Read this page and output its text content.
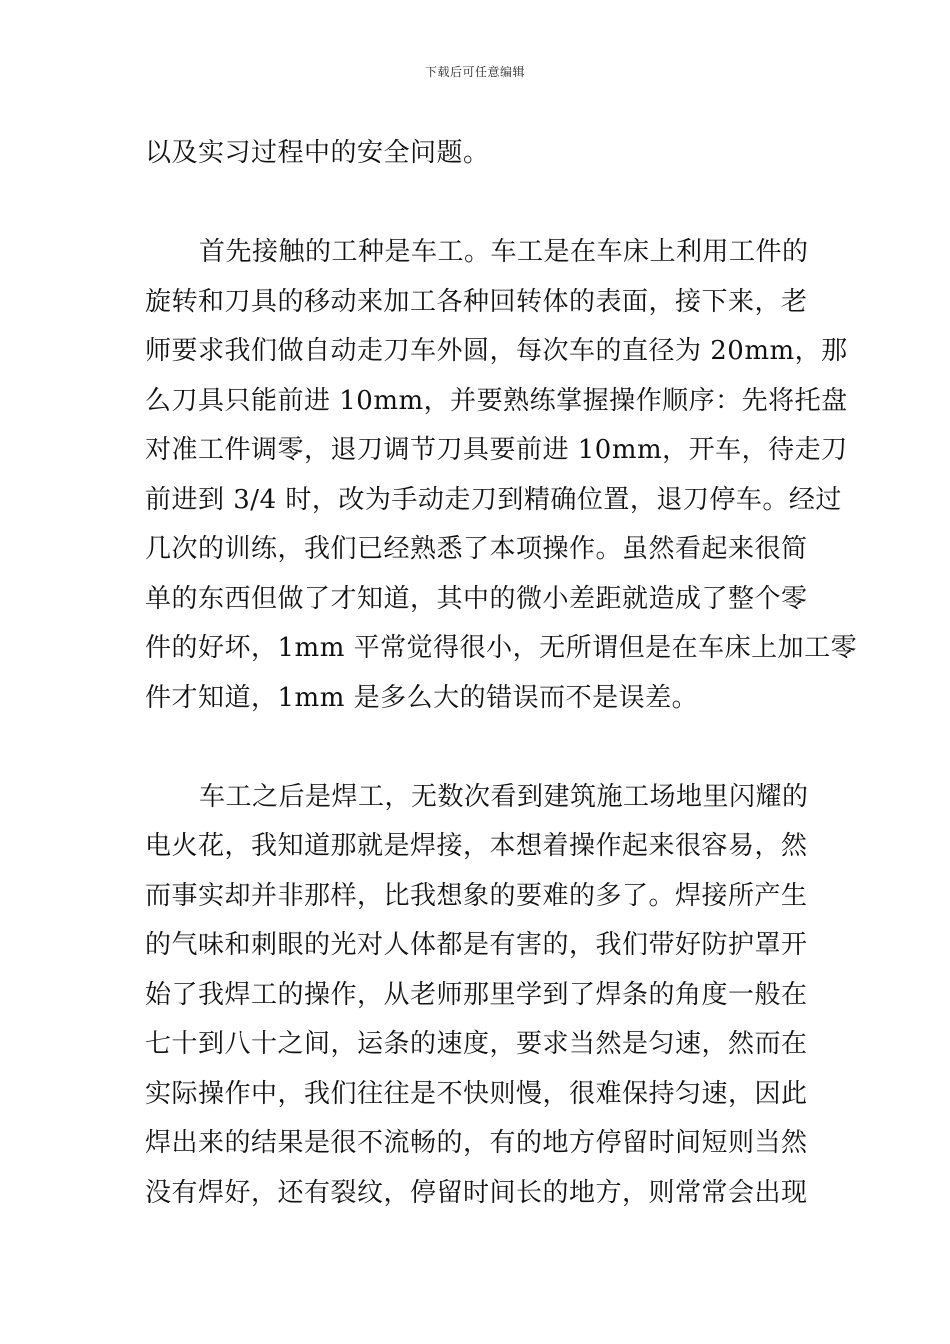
下载后可任意编辑
以及实习过程中的安全问题。
首先接触的工种是车工。车工是在车床上利用工件的
旋转和刀具的移动来加工各种回转体的表面，接下来，老
师要求我们做自动走刀车外圆，每次车的直径为 20mm，那
么刀具只能前进 10mm，并要熟练掌握操作顺序：先将托盘
对准工件调零，退刀调节刀具要前进 10mm，开车，待走刀
前进到 3/4 时，改为手动走刀到精确位置，退刀停车。经过
几次的训练，我们已经熟悉了本项操作。虽然看起来很简
单的东西但做了才知道，其中的微小差距就造成了整个零
件的好坏，1mm 平常觉得很小，无所谓但是在车床上加工零
件才知道，1mm 是多么大的错误而不是误差。
车工之后是焊工，无数次看到建筑施工场地里闪耀的
电火花，我知道那就是焊接，本想着操作起来很容易，然
而事实却并非那样，比我想象的要难的多了。焊接所产生
的气味和刺眼的光对人体都是有害的，我们带好防护罩开
始了我焊工的操作，从老师那里学到了焊条的角度一般在
七十到八十之间，运条的速度，要求当然是匀速，然而在
实际操作中，我们往往是不快则慢，很难保持匀速，因此
焊出来的结果是很不流畅的，有的地方停留时间短则当然
没有焊好，还有裂纹，停留时间长的地方，则常常会出现
